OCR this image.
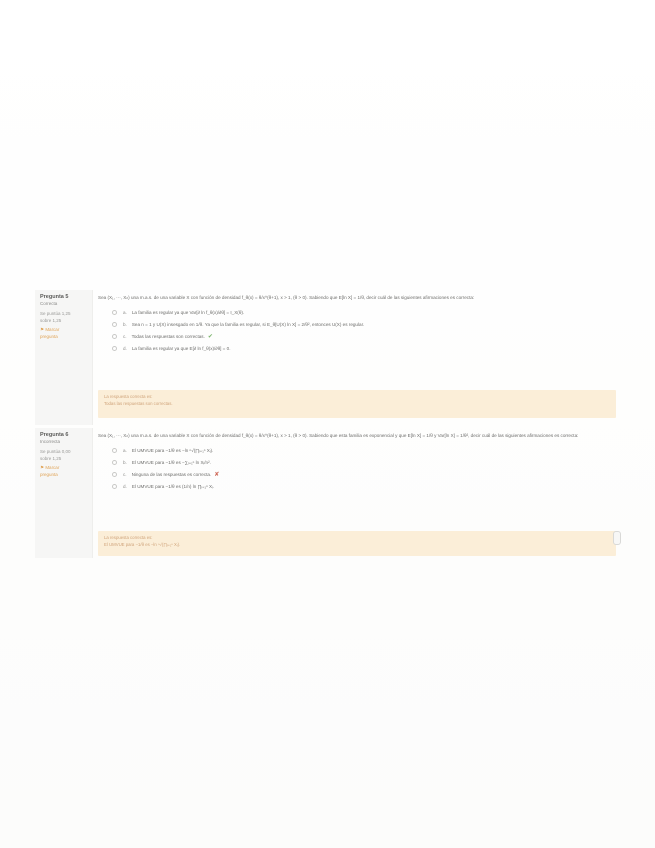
Pregunta 5
Correcta
Se puntúa 1,25
sobre 1,25
⚑ Marcar
pregunta

Sea (X₁, ···, Xₙ) una m.a.s. de una variable X con función de densidad f_θ(x) = θ/x^(θ+1), x > 1, (θ > 0). Sabiendo que E[ln X] = 1/θ, decir cuál de las siguientes afirmaciones es correcta:

a. La familia es regular ya que Var[∂ ln f_θ(x)/∂θ] = I_X(θ).
b. Sea n = 1 y U(X) insesgado en 1/θ. Ya que la familia es regular, si E_θ[U(X) ln X] = 2/θ², entonces U(X) es regular.
c. Todas las respuestas son correctas. ✔
d. La familia es regular ya que E[∂ ln f_θ(x)/∂θ] = 0.
La respuesta correcta es:
Todas las respuestas son correctas.
Pregunta 6
Incorrecta
Se puntúa 0,00
sobre 1,25
⚑ Marcar
pregunta

Sea (X₁, ···, Xₙ) una m.a.s. de una variable X con función de densidad f_θ(x) = θ/x^(θ+1), x > 1, (θ > 0). Sabiendo que esta familia es exponencial y que E[ln X] = 1/θ y Var[ln X] = 1/θ², decir cuál de las siguientes afirmaciones es correcta:

a. El UMVUE para −1/θ es −ln ⁿ√(∏ᵢ₌₁ⁿ Xᵢ).
b. El UMVUE para −1/θ es −∑ᵢ₌₁ⁿ ln Xᵢ/n².
c. Ninguna de las respuestas es correcta. ✘
d. El UMVUE para −1/θ es (1/n) ln ∏ᵢ₌₁ⁿ Xᵢ.
La respuesta correcta es:
El UMVUE para −1/θ es −ln ⁿ√(∏ᵢ₌₁ⁿ Xᵢ).
